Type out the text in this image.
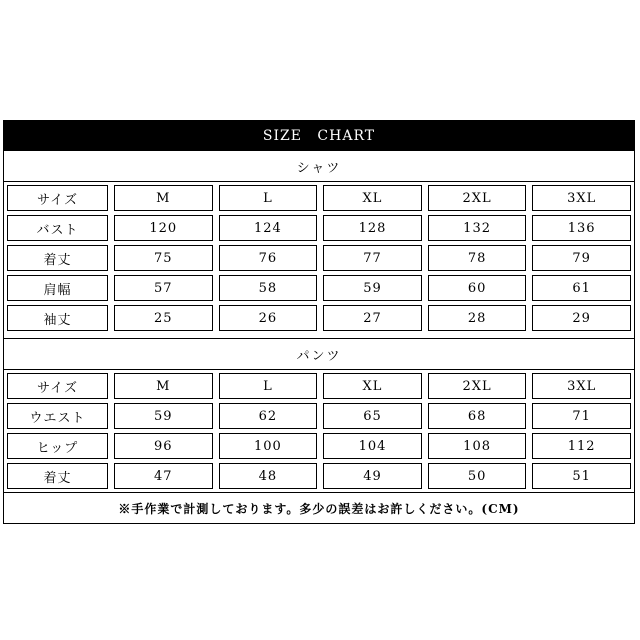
SIZE CHART
シャツ
サイズ	M	L	XL	2XL	3XL
バスト	120	124	128	132	136
着丈	75	76	77	78	79
肩幅	57	58	59	60	61
袖丈	25	26	27	28	29
パンツ
サイズ	M	L	XL	2XL	3XL
ウエスト	59	62	65	68	71
ヒップ	96	100	104	108	112
着丈	47	48	49	50	51
※手作業で計測しております。多少の誤差はお許しください。(CM)
